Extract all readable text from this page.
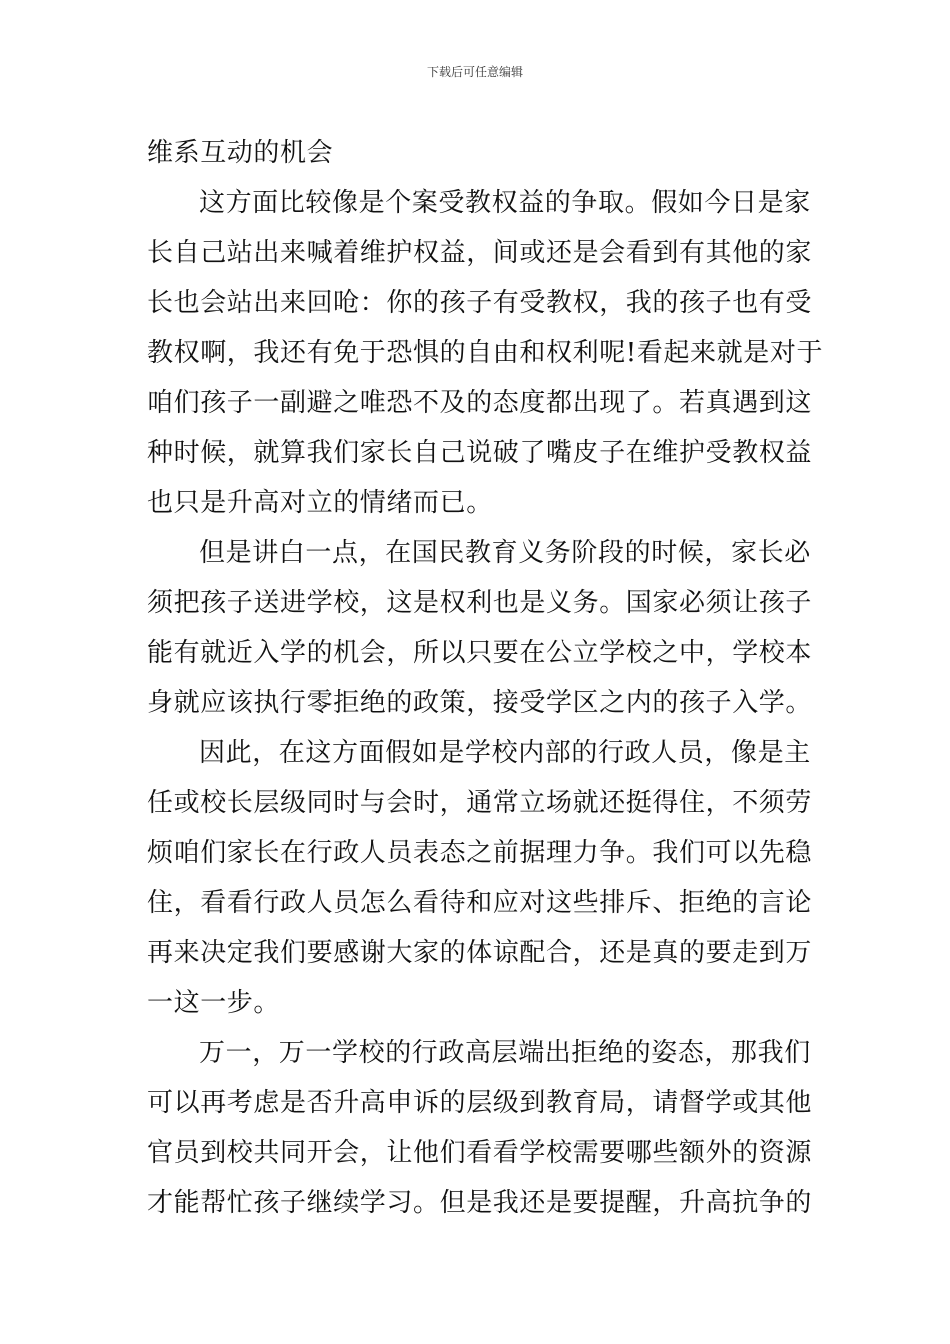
下载后可任意编辑
维系互动的机会
这方面比较像是个案受教权益的争取。假如今日是家
长自己站出来喊着维护权益，间或还是会看到有其他的家
长也会站出来回呛：你的孩子有受教权，我的孩子也有受
教权啊，我还有免于恐惧的自由和权利呢!看起来就是对于
咱们孩子一副避之唯恐不及的态度都出现了。若真遇到这
种时候，就算我们家长自己说破了嘴皮子在维护受教权益
也只是升高对立的情绪而已。
但是讲白一点，在国民教育义务阶段的时候，家长必
须把孩子送进学校，这是权利也是义务。国家必须让孩子
能有就近入学的机会，所以只要在公立学校之中，学校本
身就应该执行零拒绝的政策，接受学区之内的孩子入学。
因此，在这方面假如是学校内部的行政人员，像是主
任或校长层级同时与会时，通常立场就还挺得住，不须劳
烦咱们家长在行政人员表态之前据理力争。我们可以先稳
住，看看行政人员怎么看待和应对这些排斥、拒绝的言论
再来决定我们要感谢大家的体谅配合，还是真的要走到万
一这一步。
万一，万一学校的行政高层端出拒绝的姿态，那我们
可以再考虑是否升高申诉的层级到教育局，请督学或其他
官员到校共同开会，让他们看看学校需要哪些额外的资源
才能帮忙孩子继续学习。但是我还是要提醒，升高抗争的
